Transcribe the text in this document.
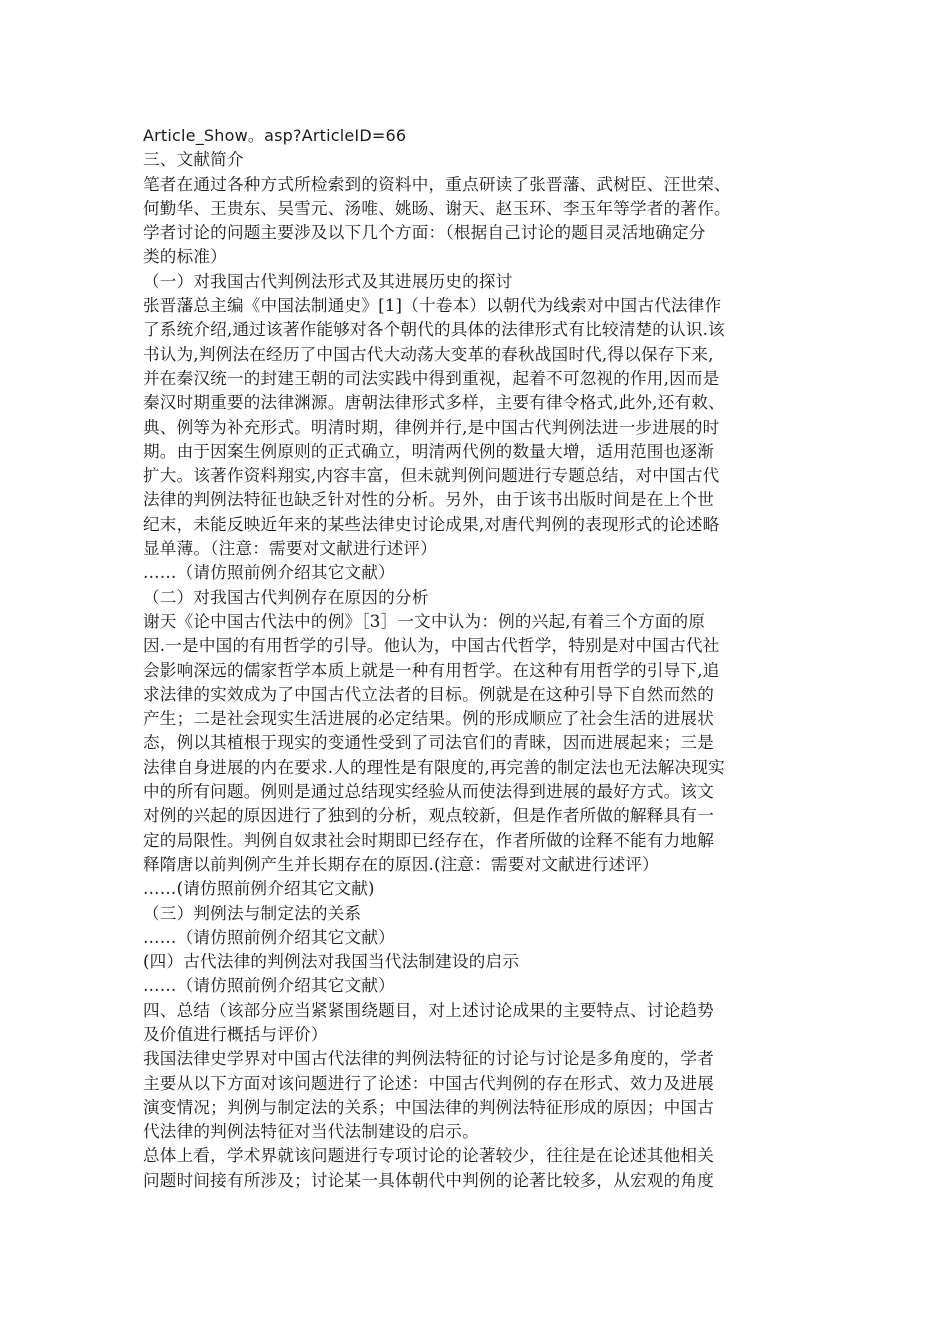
Article_Show。asp?ArticleID=66
三、文献简介
笔者在通过各种方式所检索到的资料中，重点研读了张晋藩、武树臣、汪世荣、
何勤华、王贵东、吴雪元、汤唯、姚旸、谢天、赵玉环、李玉年等学者的著作。
学者讨论的问题主要涉及以下几个方面：（根据自己讨论的题目灵活地确定分
类的标准）
（一）对我国古代判例法形式及其进展历史的探讨
张晋藩总主编《中国法制通史》[1]（十卷本）以朝代为线索对中国古代法律作
了系统介绍,通过该著作能够对各个朝代的具体的法律形式有比较清楚的认识.该
书认为,判例法在经历了中国古代大动荡大变革的春秋战国时代,得以保存下来,
并在秦汉统一的封建王朝的司法实践中得到重视，起着不可忽视的作用,因而是
秦汉时期重要的法律渊源。唐朝法律形式多样，主要有律令格式,此外,还有敕、
典、例等为补充形式。明清时期，律例并行,是中国古代判例法进一步进展的时
期。由于因案生例原则的正式确立，明清两代例的数量大增，适用范围也逐渐
扩大。该著作资料翔实,内容丰富，但未就判例问题进行专题总结，对中国古代
法律的判例法特征也缺乏针对性的分析。另外，由于该书出版时间是在上个世
纪末，未能反映近年来的某些法律史讨论成果,对唐代判例的表现形式的论述略
显单薄。（注意：需要对文献进行述评）
……（请仿照前例介绍其它文献）
（二）对我国古代判例存在原因的分析
谢天《论中国古代法中的例》［3］一文中认为：例的兴起,有着三个方面的原
因.一是中国的有用哲学的引导。他认为，中国古代哲学，特别是对中国古代社
会影响深远的儒家哲学本质上就是一种有用哲学。在这种有用哲学的引导下,追
求法律的实效成为了中国古代立法者的目标。例就是在这种引导下自然而然的
产生；二是社会现实生活进展的必定结果。例的形成顺应了社会生活的进展状
态，例以其植根于现实的变通性受到了司法官们的青睐，因而进展起来；三是
法律自身进展的内在要求.人的理性是有限度的,再完善的制定法也无法解决现实
中的所有问题。例则是通过总结现实经验从而使法得到进展的最好方式。该文
对例的兴起的原因进行了独到的分析，观点较新，但是作者所做的解释具有一
定的局限性。判例自奴隶社会时期即已经存在，作者所做的诠释不能有力地解
释隋唐以前判例产生并长期存在的原因.(注意：需要对文献进行述评）
……(请仿照前例介绍其它文献)
（三）判例法与制定法的关系
……（请仿照前例介绍其它文献）
(四）古代法律的判例法对我国当代法制建设的启示
……（请仿照前例介绍其它文献）
四、总结（该部分应当紧紧围绕题目，对上述讨论成果的主要特点、讨论趋势
及价值进行概括与评价）
我国法律史学界对中国古代法律的判例法特征的讨论与讨论是多角度的，学者
主要从以下方面对该问题进行了论述：中国古代判例的存在形式、效力及进展
演变情况；判例与制定法的关系；中国法律的判例法特征形成的原因；中国古
代法律的判例法特征对当代法制建设的启示。
总体上看，学术界就该问题进行专项讨论的论著较少，往往是在论述其他相关
问题时间接有所涉及；讨论某一具体朝代中判例的论著比较多，从宏观的角度
